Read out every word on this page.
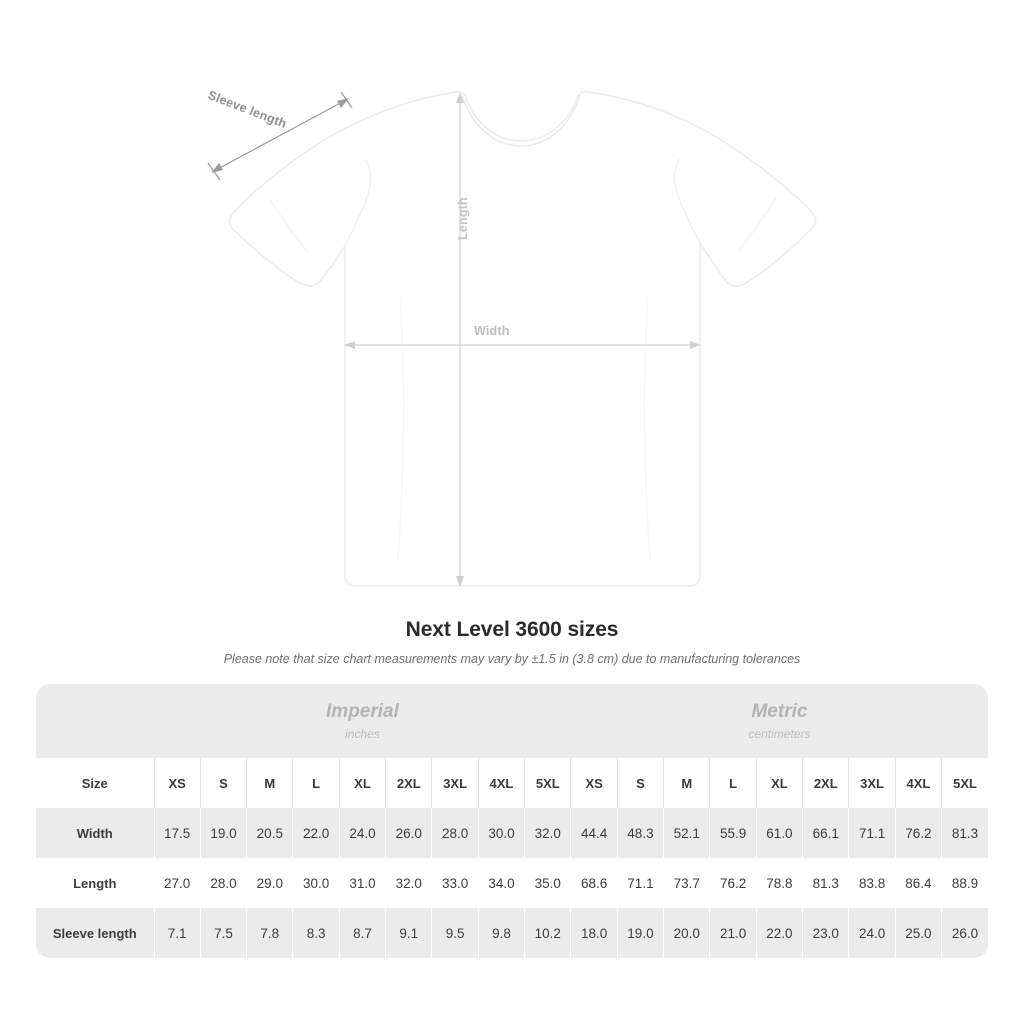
Width
Length
Sleeve length
Next Level 3600 sizes
Please note that size chart measurements may vary by ±1.5 in (3.8 cm) due to manufacturing tolerances

Imperial
inches

Metric
centimeters

Size	XS	S	M	L	XL	2XL	3XL	4XL	5XL	XS	S	M	L	XL	2XL	3XL	4XL	5XL
Width	17.5	19.0	20.5	22.0	24.0	26.0	28.0	30.0	32.0	44.4	48.3	52.1	55.9	61.0	66.1	71.1	76.2	81.3
Length	27.0	28.0	29.0	30.0	31.0	32.0	33.0	34.0	35.0	68.6	71.1	73.7	76.2	78.8	81.3	83.8	86.4	88.9
Sleeve length	7.1	7.5	7.8	8.3	8.7	9.1	9.5	9.8	10.2	18.0	19.0	20.0	21.0	22.0	23.0	24.0	25.0	26.0
